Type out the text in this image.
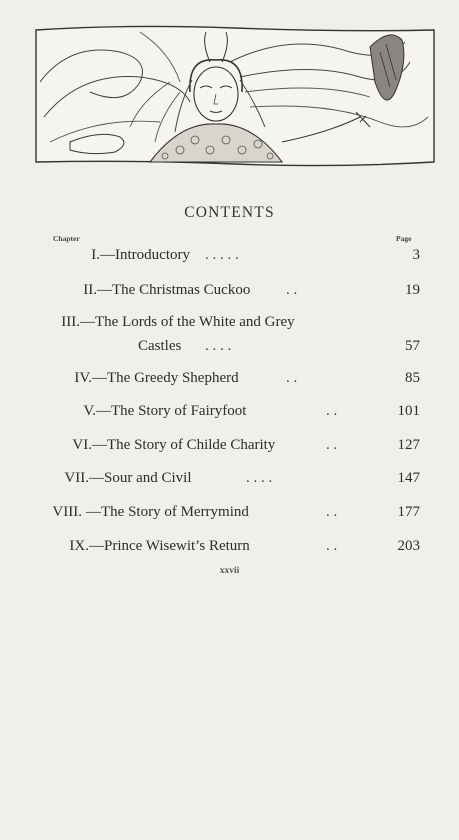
CONTENTS
Chapter	Page
I. —Introductory . . . . .	3
II. —The Christmas Cuckoo . .	19
III. —The Lords of the White and Grey
Castles . . . .	57
IV. —The Greedy Shepherd	. .	85
V. —The Story of Fairyfoot	. .	101
VI. —The Story of Childe Charity	. .	127
VII. —Sour and Civil	. . . .	147
VIII. —The Story of Merrymind	. .	177
IX. —Prince Wisewit’s Return	. .	203
xxvii
